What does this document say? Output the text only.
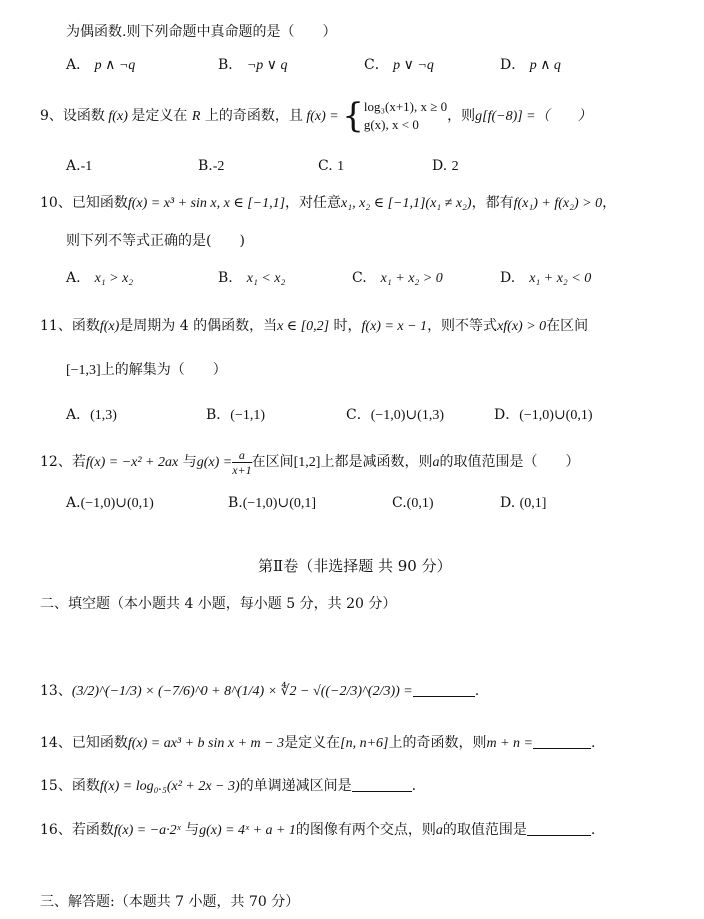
为偶函数.则下列命题中真命题的是（　　）
A． p ∧ ¬q	B． ¬p ∨ q	C． p ∨ ¬q	D． p ∧ q
9、设函数 f(x) 是定义在 R 上的奇函数，且 f(x) = { log₃(x+1), x ≥ 0
g(x), x < 0
，则g[f(−8)] =（　　）
A.-1	B.-2	C. 1	D. 2
10、已知函数f(x) = x³ + sin x, x ∈ [−1,1]，对任意x₁, x₂ ∈ [−1,1](x₁ ≠ x₂)，都有f(x₁) + f(x₂) > 0，
则下列不等式正确的是(　　)
A.　 x₁ > x₂	B.　 x₁ < x₂	C.　 x₁ + x₂ > 0	D.　 x₁ + x₂ < 0
11、函数f(x)是周期为 4 的偶函数，当x ∈ [0,2] 时，f(x) = x − 1，则不等式xf(x) > 0在区间
[−1,3]上的解集为（　　）
A．(1,3)	B．(−1,1)	C．(−1,0)∪(1,3)	D．(−1,0)∪(0,1)
12、若f(x) = −x² + 2ax 与$g(x) = \frac{a}{x+1}$ 在区间[1,2]上都是减函数，则a的取值范围是（　　）
A.(−1,0)∪(0,1)	B.(−1,0)∪(0,1]	C.(0,1)	D. (0,1]
第Ⅱ卷（非选择题 共 90 分）
二、填空题（本小题共 4 小题，每小题 5 分，共 20 分）
13、(3/2)^(−1/3) × (−7/6)^0 + 8^(1/4) × ∜2 − √((−2/3)^(2/3)) =	.
14、已知函数f(x) = ax³ + b sin x + m − 3是定义在[n, n+6]上的奇函数，则m + n =	.
15、函数f(x) = log₀.₅(x² + 2x − 3)的单调递减区间是	.
16、若函数f(x) = −a·2ˣ 与g(x) = 4ˣ + a + 1的图像有两个交点，则a的取值范围是	.
三、解答题:（本题共 7 小题，共 70 分）
